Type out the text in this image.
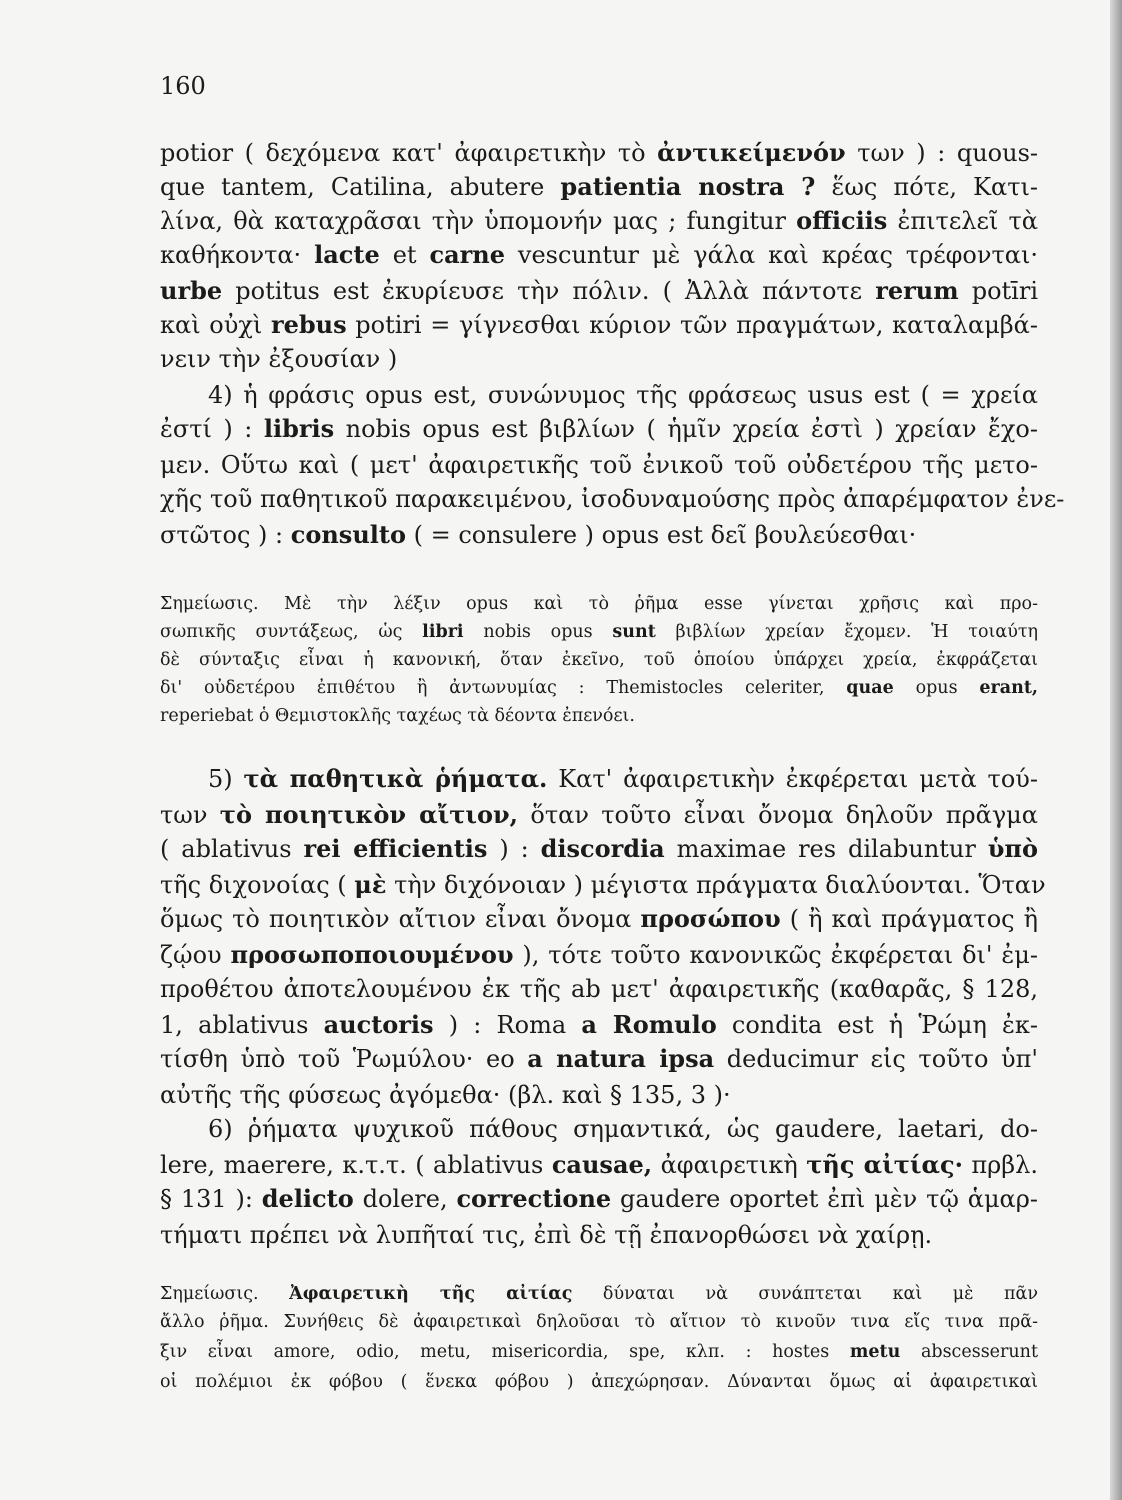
160
potior ( δεχόμενα κατ' ἀφαιρετικὴν τὸ ἀντικείμενόν των ) : quous-
que tantem, Catilina, abutere patientia nostra ? ἕως πότε, Κατι-
λίνα, θὰ καταχρᾶσαι τὴν ὑπομονήν μας ; fungitur officiis ἐπιτελεῖ τὰ
καθήκοντα· lacte et carne vescuntur μὲ γάλα καὶ κρέας τρέφονται·
urbe potitus est ἐκυρίευσε τὴν πόλιν. ( Ἀλλὰ πάντοτε rerum potīri
καὶ οὐχὶ rebus potiri = γίγνεσθαι κύριον τῶν πραγμάτων, καταλαμβά-
νειν τὴν ἐξουσίαν )
4) ἡ φράσις opus est, συνώνυμος τῆς φράσεως usus est ( = χρεία
ἐστί ) : libris nobis opus est βιβλίων ( ἡμῖν χρεία ἐστὶ ) χρείαν ἔχο-
μεν. Οὕτω καὶ ( μετ' ἀφαιρετικῆς τοῦ ἐνικοῦ τοῦ οὐδετέρου τῆς μετο-
χῆς τοῦ παθητικοῦ παρακειμένου, ἰσοδυναμούσης πρὸς ἀπαρέμφατον ἐνε-
στῶτος ) : consulto ( = consulere ) opus est δεῖ βουλεύεσθαι·
Σημείωσις. Μὲ τὴν λέξιν opus καὶ τὸ ῥῆμα esse γίνεται χρῆσις καὶ προ-
σωπικῆς συντάξεως, ὡς libri nobis opus sunt βιβλίων χρείαν ἔχομεν. Ἡ τοιαύτη
δὲ σύνταξις εἶναι ἡ κανονική, ὅταν ἐκεῖνο, τοῦ ὁποίου ὑπάρχει χρεία, ἐκφράζεται
δι' οὐδετέρου ἐπιθέτου ἢ ἀντωνυμίας : Themistocles celeriter, quae opus erant,
reperiebat ὁ Θεμιστοκλῆς ταχέως τὰ δέοντα ἐπενόει.
5) τὰ παθητικὰ ῥήματα. Κατ' ἀφαιρετικὴν ἐκφέρεται μετὰ τού-
των τὸ ποιητικὸν αἴτιον, ὅταν τοῦτο εἶναι ὄνομα δηλοῦν πρᾶγμα
( ablativus rei efficientis ) : discordia maximae res dilabuntur ὑπὸ
τῆς διχονοίας ( μὲ τὴν διχόνοιαν ) μέγιστα πράγματα διαλύονται. Ὅταν
ὅμως τὸ ποιητικὸν αἴτιον εἶναι ὄνομα προσώπου ( ἢ καὶ πράγματος ἢ
ζῴου προσωποποιουμένου ), τότε τοῦτο κανονικῶς ἐκφέρεται δι' ἐμ-
προθέτου ἀποτελουμένου ἐκ τῆς ab μετ' ἀφαιρετικῆς (καθαρᾶς, § 128,
1, ablativus auctoris ) : Roma a Romulo condita est ἡ Ῥώμη ἐκ-
τίσθη ὑπὸ τοῦ Ῥωμύλου· eo a natura ipsa deducimur εἰς τοῦτο ὑπ'
αὐτῆς τῆς φύσεως ἀγόμεθα· (βλ. καὶ § 135, 3 )·
6) ῥήματα ψυχικοῦ πάθους σημαντικά, ὡς gaudere, laetari, do-
lere, maerere, κ.τ.τ. ( ablativus causae, ἀφαιρετικὴ τῆς αἰτίας· πρβλ.
§ 131 ): delicto dolere, correctione gaudere oportet ἐπὶ μὲν τῷ ἁμαρ-
τήματι πρέπει νὰ λυπῆταί τις, ἐπὶ δὲ τῇ ἐπανορθώσει νὰ χαίρῃ.
Σημείωσις. Ἀφαιρετικὴ τῆς αἰτίας δύναται νὰ συνάπτεται καὶ μὲ πᾶν
ἄλλο ῥῆμα. Συνήθεις δὲ ἀφαιρετικαὶ δηλοῦσαι τὸ αἴτιον τὸ κινοῦν τινα εἴς τινα πρᾶ-
ξιν εἶναι amore, odio, metu, misericordia, spe, κλπ. : hostes metu abscesserunt
οἱ πολέμιοι ἐκ φόβου ( ἕνεκα φόβου ) ἀπεχώρησαν. Δύνανται ὅμως αἱ ἀφαιρετικαὶ
